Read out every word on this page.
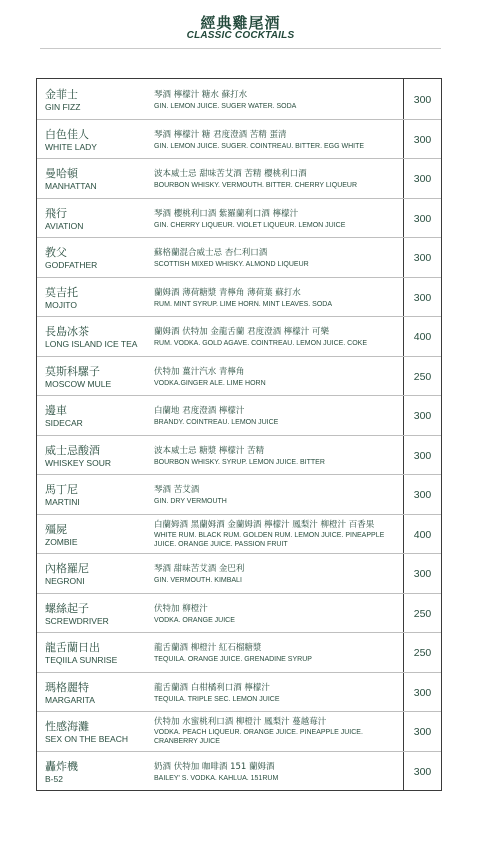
經典雞尾酒
CLASSIC COCKTAILS
金菲士
GIN FIZZ
琴酒 檸檬汁 糖水 蘇打水
GIN. LEMON JUICE. SUGER WATER. SODA
300
白色佳人
WHITE LADY
琴酒 檸檬汁 糖 君度澄酒 苦精 蛋清
GIN. LEMON JUICE. SUGER. COINTREAU. BITTER. EGG WHITE
300
曼哈頓
MANHATTAN
波本威士忌 甜味苦艾酒 苦精 櫻桃利口酒
BOURBON WHISKY. VERMOUTH. BITTER. CHERRY LIQUEUR
300
飛行
AVIATION
琴酒 櫻桃利口酒 紫羅蘭利口酒 檸檬汁
GIN. CHERRY LIQUEUR. VIOLET LIQUEUR. LEMON JUICE
300
教父
GODFATHER
蘇格蘭混合威士忌 杏仁利口酒
SCOTTISH MIXED WHISKY. ALMOND LIQUEUR
300
莫吉托
MOJITO
蘭姆酒 薄荷糖漿 青檸角 薄荷葉 蘇打水
RUM. MINT SYRUP. LIME HORN. MINT LEAVES. SODA
300
長島冰茶
LONG ISLAND ICE TEA
蘭姆酒 伏特加 金龍舌蘭 君度澄酒 檸檬汁 可樂
RUM. VODKA. GOLD AGAVE. COINTREAU. LEMON JUICE. COKE
400
莫斯科騾子
MOSCOW MULE
伏特加 薑汁汽水 青檸角
VODKA.GINGER ALE. LIME HORN
250
邊車
SIDECAR
白蘭地 君度澄酒 檸檬汁
BRANDY. COINTREAU. LEMON JUICE
300
威士忌酸酒
WHISKEY SOUR
波本威士忌 糖漿 檸檬汁 苦精
BOURBON WHISKY. SYRUP. LEMON JUICE. BITTER
300
馬丁尼
MARTINI
琴酒 苦艾酒
GIN. DRY VERMOUTH
300
殭屍
ZOMBIE
白蘭姆酒 黑蘭姆酒 金蘭姆酒 檸檬汁 鳳梨汁 柳橙汁 百香果
WHITE RUM. BLACK RUM. GOLDEN RUM. LEMON JUICE. PINEAPPLE JUICE. ORANGE JUICE. PASSION FRUIT
400
內格羅尼
NEGRONI
琴酒 甜味苦艾酒 金巴利
GIN. VERMOUTH. KIMBALI
300
螺絲起子
SCREWDRIVER
伏特加 柳橙汁
VODKA. ORANGE JUICE
250
龍舌蘭日出
TEQIILA SUNRISE
龍舌蘭酒 柳橙汁 紅石榴糖漿
TEQUILA. ORANGE JUICE. GRENADINE SYRUP
250
瑪格麗特
MARGARITA
龍舌蘭酒 白柑橘利口酒 檸檬汁
TEQUILA. TRIPLE SEC. LEMON JUICE
300
性感海灘
SEX ON THE BEACH
伏特加 水蜜桃利口酒 柳橙汁 鳳梨汁 蔓越莓汁
VODKA. PEACH LIQUEUR. ORANGE JUICE. PINEAPPLE JUICE. CRANBERRY JUICE
300
轟炸機
B-52
奶酒 伏特加 咖啡酒 151 蘭姆酒
BAILEY' S. VODKA. KAHLUA. 151RUM
300
